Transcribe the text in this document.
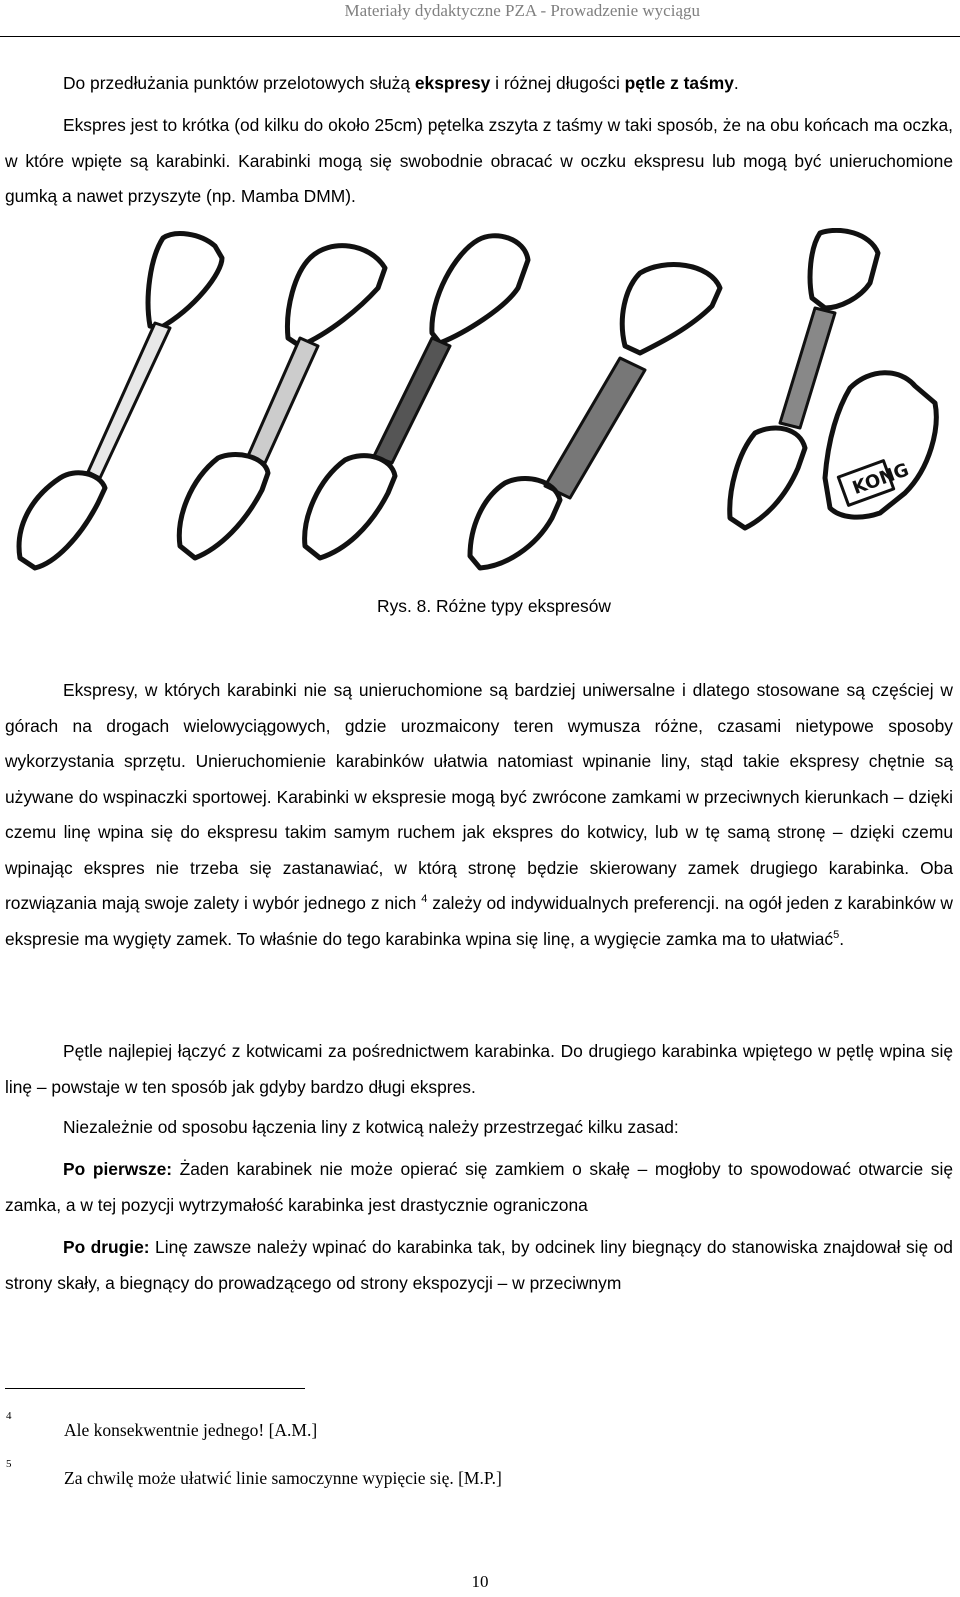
Materiały dydaktyczne PZA - Prowadzenie wyciągu
Do przedłużania punktów przelotowych służą ekspresy i różnej długości pętle z taśmy.
Ekspres jest to krótka (od kilku do około 25cm) pętelka zszyta z taśmy w taki sposób, że na obu końcach ma oczka, w które wpięte są karabinki. Karabinki mogą się swobodnie obracać w oczku ekspresu lub mogą być unieruchomione gumką a nawet przyszyte (np. Mamba DMM).
KONG
Rys. 8. Różne typy ekspresów
Ekspresy, w których karabinki nie są unieruchomione są bardziej uniwersalne i dlatego stosowane są częściej w górach na drogach wielowyciągowych, gdzie urozmaicony teren wymusza różne, czasami nietypowe sposoby wykorzystania sprzętu. Unieruchomienie karabinków ułatwia natomiast wpinanie liny, stąd takie ekspresy chętnie są używane do wspinaczki sportowej. Karabinki w ekspresie mogą być zwrócone zamkami w przeciwnych kierunkach – dzięki czemu linę wpina się do ekspresu takim samym ruchem jak ekspres do kotwicy, lub w tę samą stronę – dzięki czemu wpinając ekspres nie trzeba się zastanawiać, w którą stronę będzie skierowany zamek drugiego karabinka. Oba rozwiązania mają swoje zalety i wybór jednego z nich $^4$ zależy od indywidualnych preferencji. na ogół jeden z karabinków w ekspresie ma wygięty zamek. To właśnie do tego karabinka wpina się linę, a wygięcie zamka ma to ułatwiać$^5$.
Pętle najlepiej łączyć z kotwicami za pośrednictwem karabinka. Do drugiego karabinka wpiętego w pętlę wpina się linę – powstaje w ten sposób jak gdyby bardzo długi ekspres.
Niezależnie od sposobu łączenia liny z kotwicą należy przestrzegać kilku zasad:
Po pierwsze: Żaden karabinek nie może opierać się zamkiem o skałę – mogłoby to spowodować otwarcie się zamka, a w tej pozycji wytrzymałość karabinka jest drastycznie ograniczona
Po drugie: Linę zawsze należy wpinać do karabinka tak, by odcinek liny biegnący do stanowiska znajdował się od strony skały, a biegnący do prowadzącego od strony ekspozycji – w przeciwnym
4
Ale konsekwentnie jednego! [A.M.]
5
Za chwilę może ułatwić linie samoczynne wypięcie się. [M.P.]
10
